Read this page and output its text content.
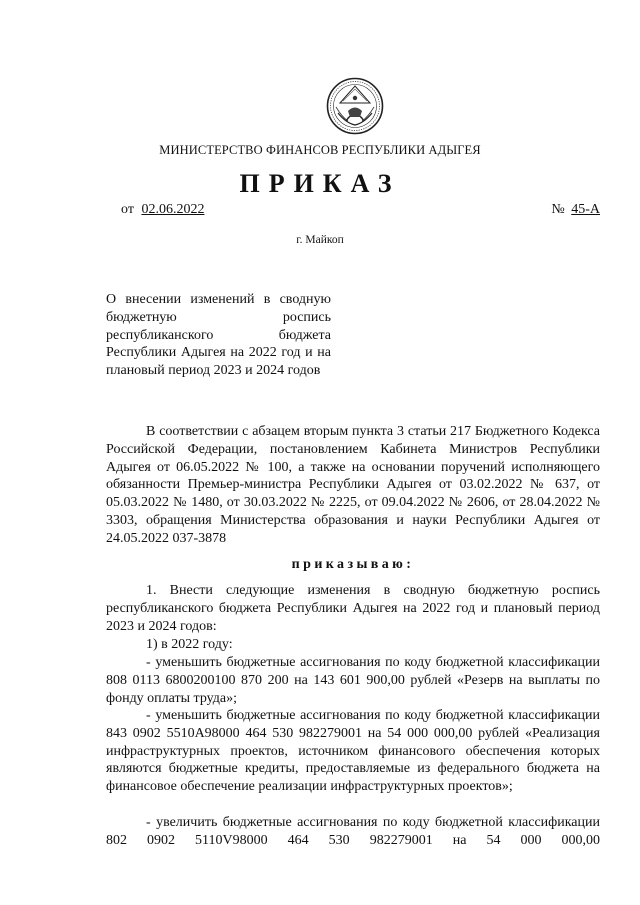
МИНИСТЕРСТВО ФИНАНСОВ РЕСПУБЛИКИ АДЫГЕЯ
ПРИКАЗ
от 02.06.2022	№ 45-А
г. Майкоп
О внесении изменений в сводную бюджетную роспись республиканского бюджета Республики Адыгея на 2022 год и на плановый период 2023 и 2024 годов

В соответствии с абзацем вторым пункта 3 статьи 217 Бюджетного Кодекса Российской Федерации, постановлением Кабинета Министров Республики Адыгея от 06.05.2022 № 100, а также на основании поручений исполняющего обязанности Премьер-министра Республики Адыгея от 03.02.2022 № 637, от 05.03.2022 № 1480, от 30.03.2022 № 2225, от 09.04.2022 № 2606, от 28.04.2022 № 3303, обращения Министерства образования и науки Республики Адыгея от 24.05.2022 037-3878

приказываю:

1. Внести следующие изменения в сводную бюджетную роспись республиканского бюджета Республики Адыгея на 2022 год и плановый период 2023 и 2024 годов:

1) в 2022 году:

- уменьшить бюджетные ассигнования по коду бюджетной классификации 808 0113 6800200100 870 200 на 143 601 900,00 рублей «Резерв на выплаты по фонду оплаты труда»;

- уменьшить бюджетные ассигнования по коду бюджетной классификации 843 0902 5510А98000 464 530 982279001 на 54 000 000,00 рублей «Реализация инфраструктурных проектов, источником финансового обеспечения которых являются бюджетные кредиты, предоставляемые из федерального бюджета на финансовое обеспечение реализации инфраструктурных проектов»;

- увеличить бюджетные ассигнования по коду бюджетной классификации 802 0902 5110V98000 464 530 982279001 на 54 000 000,00
